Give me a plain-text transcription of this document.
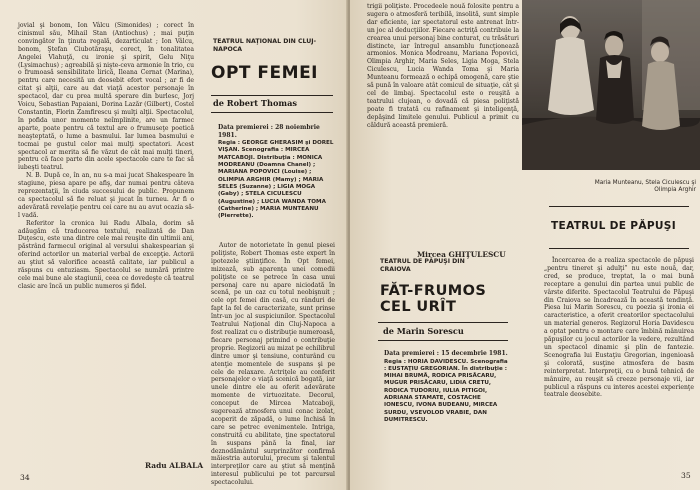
jovial şi bonom, Ion Vâlcu (Simonides) ; corect în cinismul său, Mihail Stan (Antiochus) ; mai puţin convingător în ţinuta regală, dezarticulat ; Ion Vâlcu, bonom, Ştefan Ciubotăraşu, corect, în tonalitatea Angelei Vlahuţă, cu ironie şi spirit, Gelu Niţu (Lysimachus) ; agreabilă şi nişte-ceva armonie în trio, cu o frumoasă sensibilitate lirică, Ileana Cernat (Marina), pentru care necesită un deosebit efort vocal ; ar fi de citat şi alţii, care au dat viaţă acestor personaje în spectacol, dar cu prea multă sperare din burlesc, Jorj Voicu, Sebastian Papaiani, Dorina Lazăr (Gilbert), Costel Constantin, Florin Zamfirescu şi mulţi alţii. Spectacolul, în pofida unor momente neîmplinite, are un farmec aparte, poate pentru că textul are o frumuseţe poetică neaşteptată, o lume a basmului. Iar lumea basmului e tocmai pe gustul celor mai mulţi spectatori. Acest spectacol ar merita să fie văzut de cât mai mulţi tineri, pentru că face parte din acele spectacole care te fac să iubeşti teatrul.

N. B. După ce, în an, nu s-a mai jucat Shakespeare în stagiune, piesa apare pe afiş, dar numai pentru câteva reprezentaţii, în ciuda succesului de public. Propunem ca spectacolul să fie reluat şi jucat în turneu. Ar fi o adevărată revelaţie pentru cei care nu au avut ocazia să-l vadă.

Referitor la cronica lui Radu Albala, dorim să adăugăm că traducerea textului, realizată de Dan Duţescu, este una dintre cele mai reuşite din ultimii ani, păstrând farmecul original al versului shakespearian şi oferind actorilor un material verbal de excepţie. Actorii au ştiut să valorifice această calitate, iar publicul a răspuns cu entuziasm. Spectacolul se numără printre cele mai bune ale stagiunii, ceea ce dovedeşte că teatrul clasic are încă un public numeros şi fidel.

Radu ALBALA
TEATRUL NAŢIONAL DIN CLUJ-NAPOCA
OPT FEMEI
de Robert Thomas
Data premierei : 28 noiembrie 1981.
Regia : GEORGE GHERASIM şi DOREL VIŞAN. Scenografia : MIRCEA MATCABOJI. Distribuţia : MONICA MODREANU (Doamna Chanel) ; MARIANA POPOVICI (Louise) ; OLIMPIA ARGHIR (Mamy) ; MARIA SELES (Suzanne) ; LIGIA MOGA (Gaby) ; STELA CICULESCU (Augustine) ; LUCIA WANDA TOMA (Catherine) ; MARIA MUNTEANU (Pierrette).
Autor de notorietate în genul piesei poliţiste, Robert Thomas este expert în ipotezele ştiinţifice. În Opt femei, mizează, sub aparenţa unei comedii poliţiste ce se petrece în casa unui personaj care nu apare niciodată în scenă, pe un caz cu totul neobişnuit ; cele opt femei din casă, cu rânduri de fapt la fel de caracterizate, sunt prinse într-un joc al suspiciunilor. Spectacolul Teatrului Naţional din Cluj-Napoca a fost realizat cu o distribuţie numeroasă, fiecare personaj primind o contribuţie proprie. Regizorii au mizat pe echilibrul dintre umor şi tensiune, conturând cu atenţie momentele de suspans şi pe cele de relaxare. Actriţele au conferit personajelor o viaţă scenică bogată, iar unele dintre ele au oferit adevărate momente de virtuozitate. Decorul, conceput de Mircea Matcaboji, sugerează atmosfera unui conac izolat, acoperit de zăpadă, o lume închisă în care se petrec evenimentele. Intriga, construită cu abilitate, ţine spectatorul în suspans până la final, iar deznodământul surprinzător confirmă măiestria autorului, precum şi talentul interpreţilor care au ştiut să menţină interesul publicului pe tot parcursul spectacolului.
34
trigii poliţiste. Procedeele nouă folosite pentru a sugera o atmosferă teribilă, insolită, sunt simple dar eficiente, iar spectatorul este antrenat într-un joc al deducţiilor. Fiecare actriţă contribuie la crearea unui personaj bine conturat, cu trăsături distincte, iar întregul ansamblu funcţionează armonios. Monica Modreanu, Mariana Popovici, Olimpia Arghir, Maria Seles, Ligia Moga, Stela Ciculescu, Lucia Wanda Toma şi Maria Munteanu formează o echipă omogenă, care ştie să pună în valoare atât comicul de situaţie, cât şi cel de limbaj. Spectacolul este o reuşită a teatrului clujean, o dovadă că piesa poliţistă poate fi tratată cu rafinament şi inteligenţă, depăşind limitele genului. Publicul a primit cu căldură această premieră.
Mircea GHIŢULESCU
TEATRUL DE PĂPUŞI
TEATRUL DE PĂPUŞI DIN CRAIOVA
FĂT-FRUMOS CEL URÎT
de Marin Sorescu
Data premierei : 15 decembrie 1981.
Regia : HORIA DAVIDESCU. Scenografia : EUSTAŢIU GREGORIAN. În distribuţie : MIHAI BRUMĂ, RODICA PRISĂCARU, MUGUR PRISĂCARU, LIDIA CRETU, RODICA TUDORIU, IULIA PITIGOI, ADRIANA STAMATE, COSTACHE IONESCU, IVONA BUDEANU, MIRCEA SURDU, VSEVOLOD VRABIE, DAN DUMITRESCU.
Încercarea de a realiza spectacole de păpuşi „pentru tineret şi adulţi” nu este nouă, dar, cred, se produce, treptat, la o mai bună receptare a genului din partea unui public de vârste diferite. Spectacolul Teatrului de Păpuşi din Craiova se încadrează în această tendinţă. Piesa lui Marin Sorescu, cu poezia şi ironia ei caracteristice, a oferit creatorilor spectacolului un material generos. Regizorul Horia Davidescu a optat pentru o montare care îmbină mânuirea păpuşilor cu jocul actorilor la vedere, rezultând un spectacol dinamic şi plin de fantezie. Scenografia lui Eustaţiu Gregorian, ingenioasă şi colorată, susţine atmosfera de basm reinterpretat. Interpreţii, cu o bună tehnică de mânuire, au reuşit să creeze personaje vii, iar publicul a răspuns cu interes acestei experienţe teatrale deosebite.
35
Maria Munteanu, Stela Ciculescu şi Olimpia Arghir
